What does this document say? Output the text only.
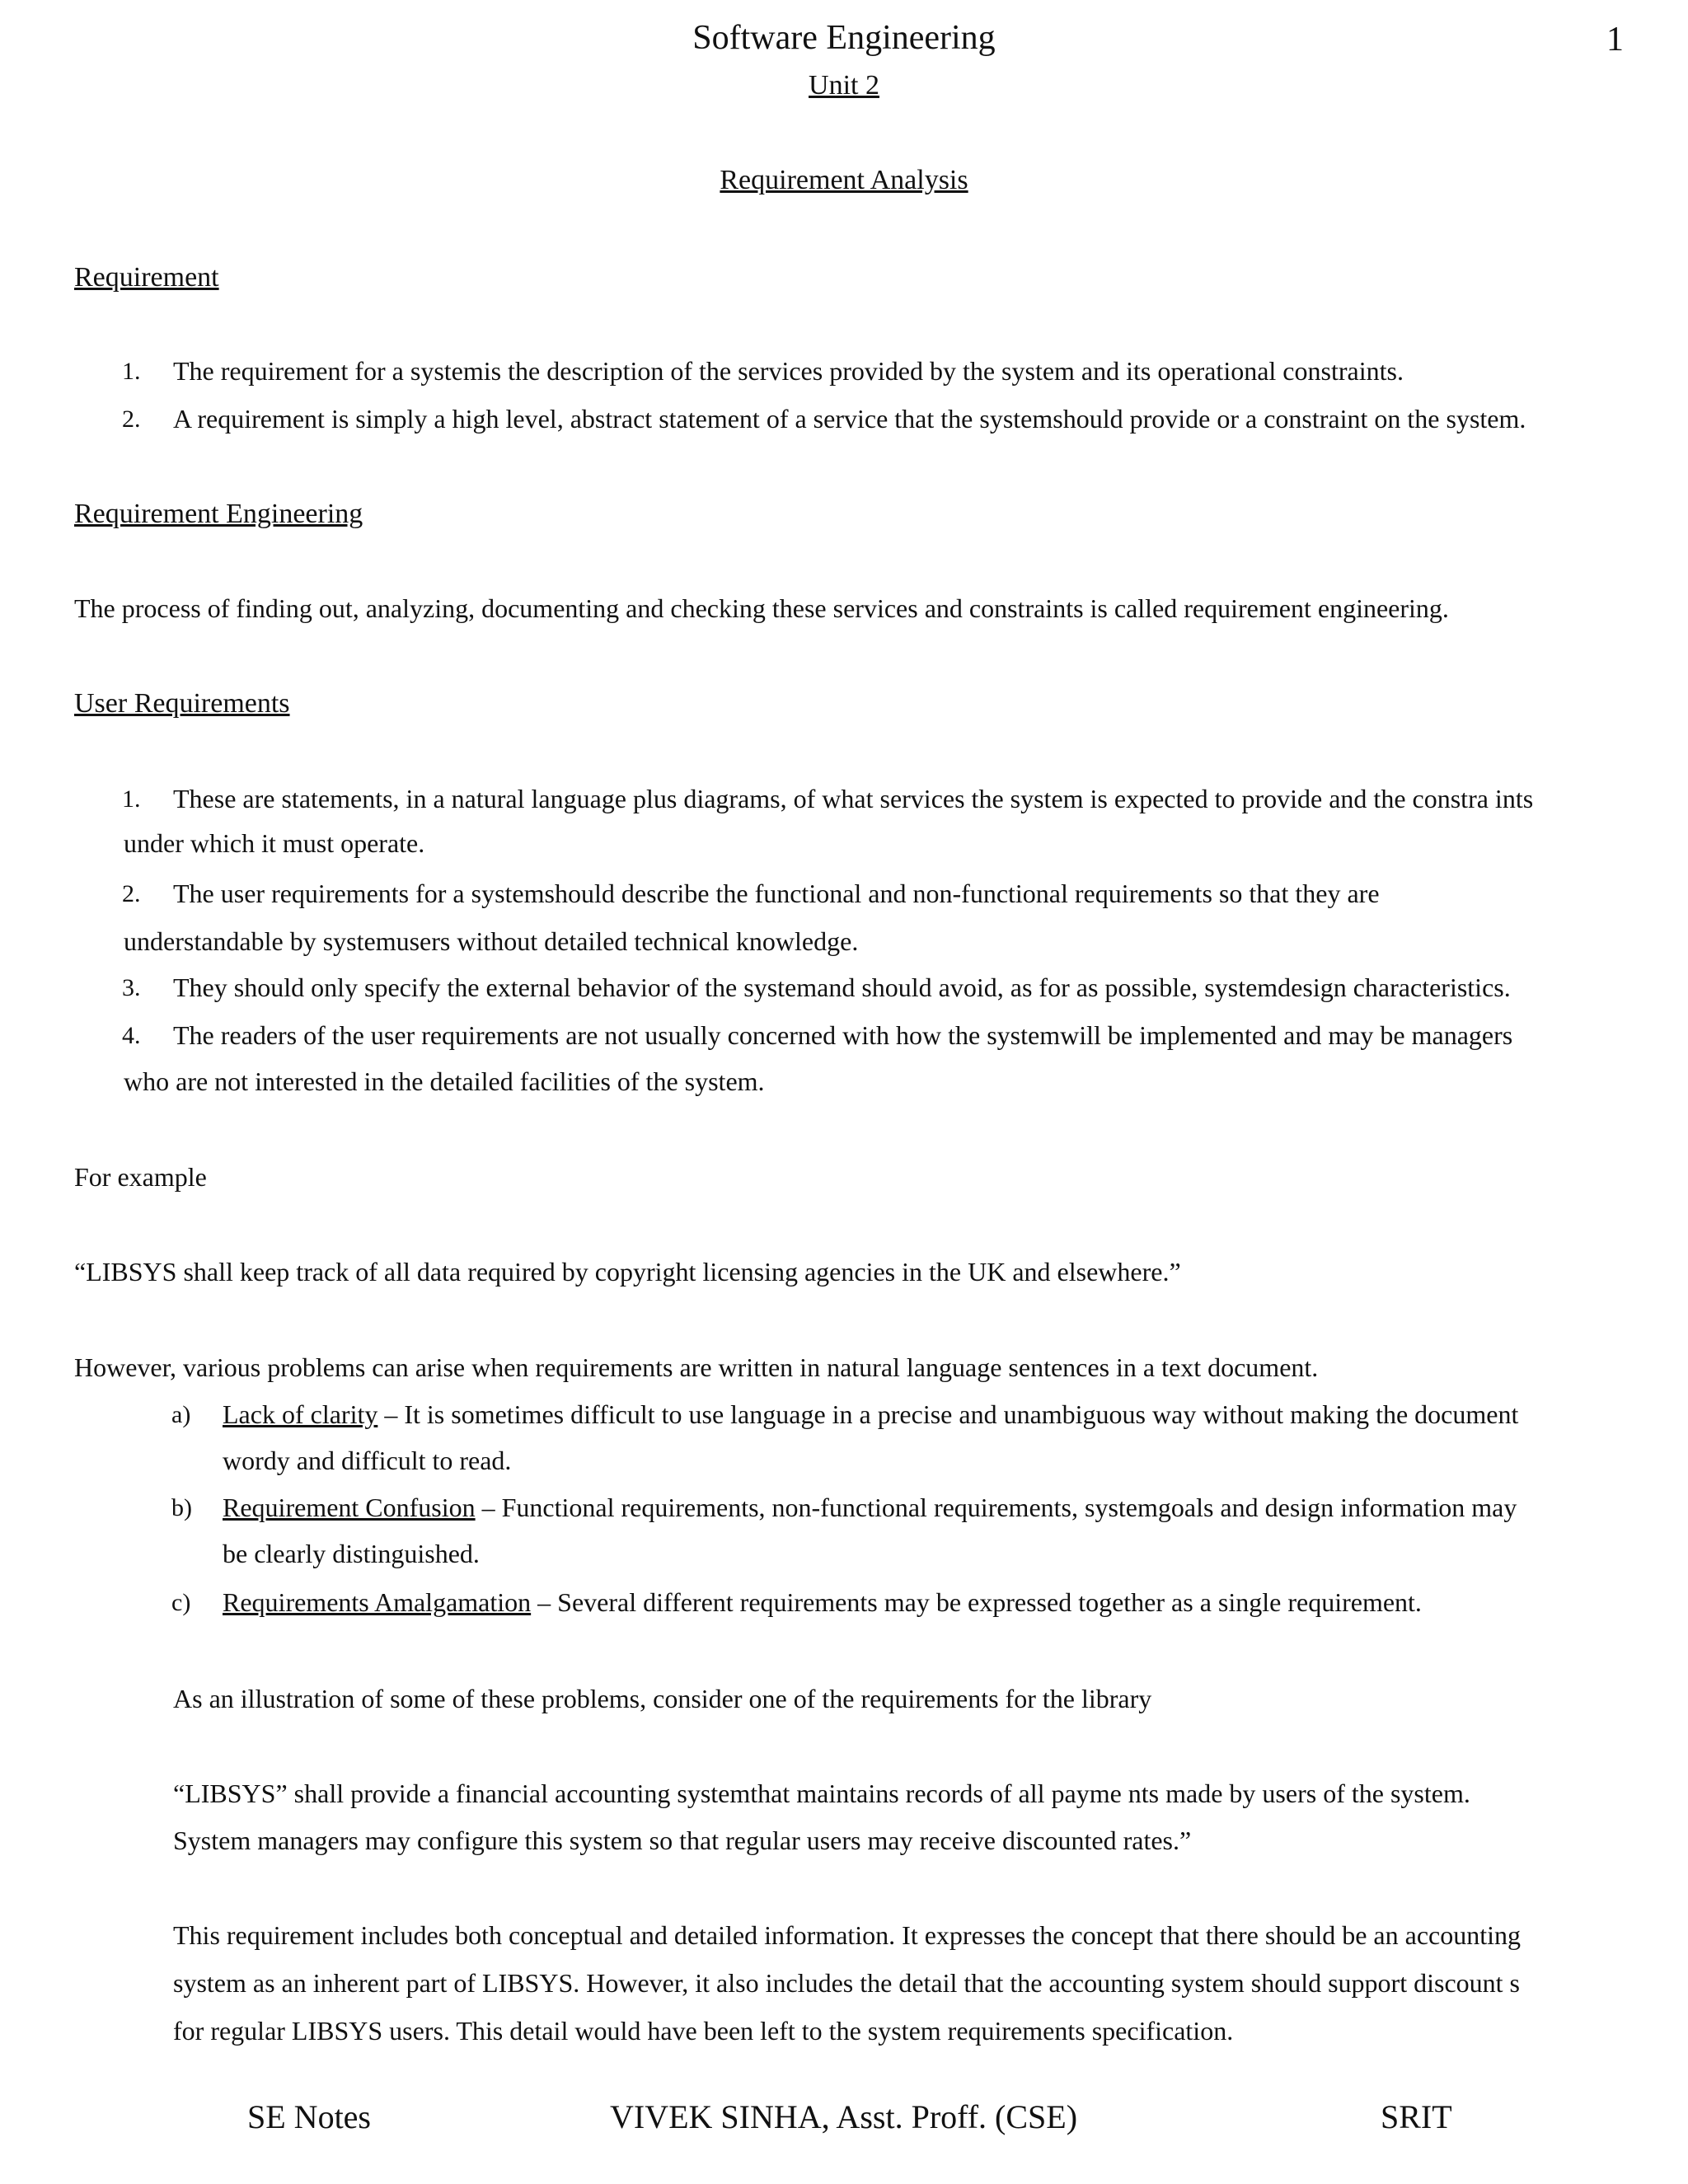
Software Engineering	1
Unit 2
Requirement Analysis
Requirement
1. The requirement for a systemis the description of the services provided by the system and its operational constraints.
2. A requirement is simply a high level, abstract statement of a service that the systemshould provide or a constraint on the system.
Requirement Engineering
The process of finding out, analyzing, documenting and checking these services and constraints is called requirement engineering.
User Requirements
1. These are statements, in a natural language plus diagrams, of what services the system is expected to provide and the constra ints
under which it must operate.
2. The user requirements for a systemshould describe the functional and non-functional requirements so that they are
understandable by systemusers without detailed technical knowledge.
3. They should only specify the external behavior of the systemand should avoid, as for as possible, systemdesign characteristics.
4. The readers of the user requirements are not usually concerned with how the systemwill be implemented and may be managers
who are not interested in the detailed facilities of the system.
For example
“LIBSYS shall keep track of all data required by copyright licensing agencies in the UK and elsewhere.”
However, various problems can arise when requirements are written in natural language sentences in a text document.
a) Lack of clarity – It is sometimes difficult to use language in a precise and unambiguous way without making the document
wordy and difficult to read.
b) Requirement Confusion – Functional requirements, non-functional requirements, systemgoals and design information may
be clearly distinguished.
c) Requirements Amalgamation – Several different requirements may be expressed together as a single requirement.
As an illustration of some of these problems, consider one of the requirements for the library
“LIBSYS” shall provide a financial accounting systemthat maintains records of all payme nts made by users of the system.
System managers may configure this system so that regular users may receive discounted rates.”
This requirement includes both conceptual and detailed information. It expresses the concept that there should be an accounting
system as an inherent part of LIBSYS. However, it also includes the detail that the accounting system should support discount s
for regular LIBSYS users. This detail would have been left to the system requirements specification.
SE Notes	VIVEK SINHA, Asst. Proff. (CSE)	SRIT
